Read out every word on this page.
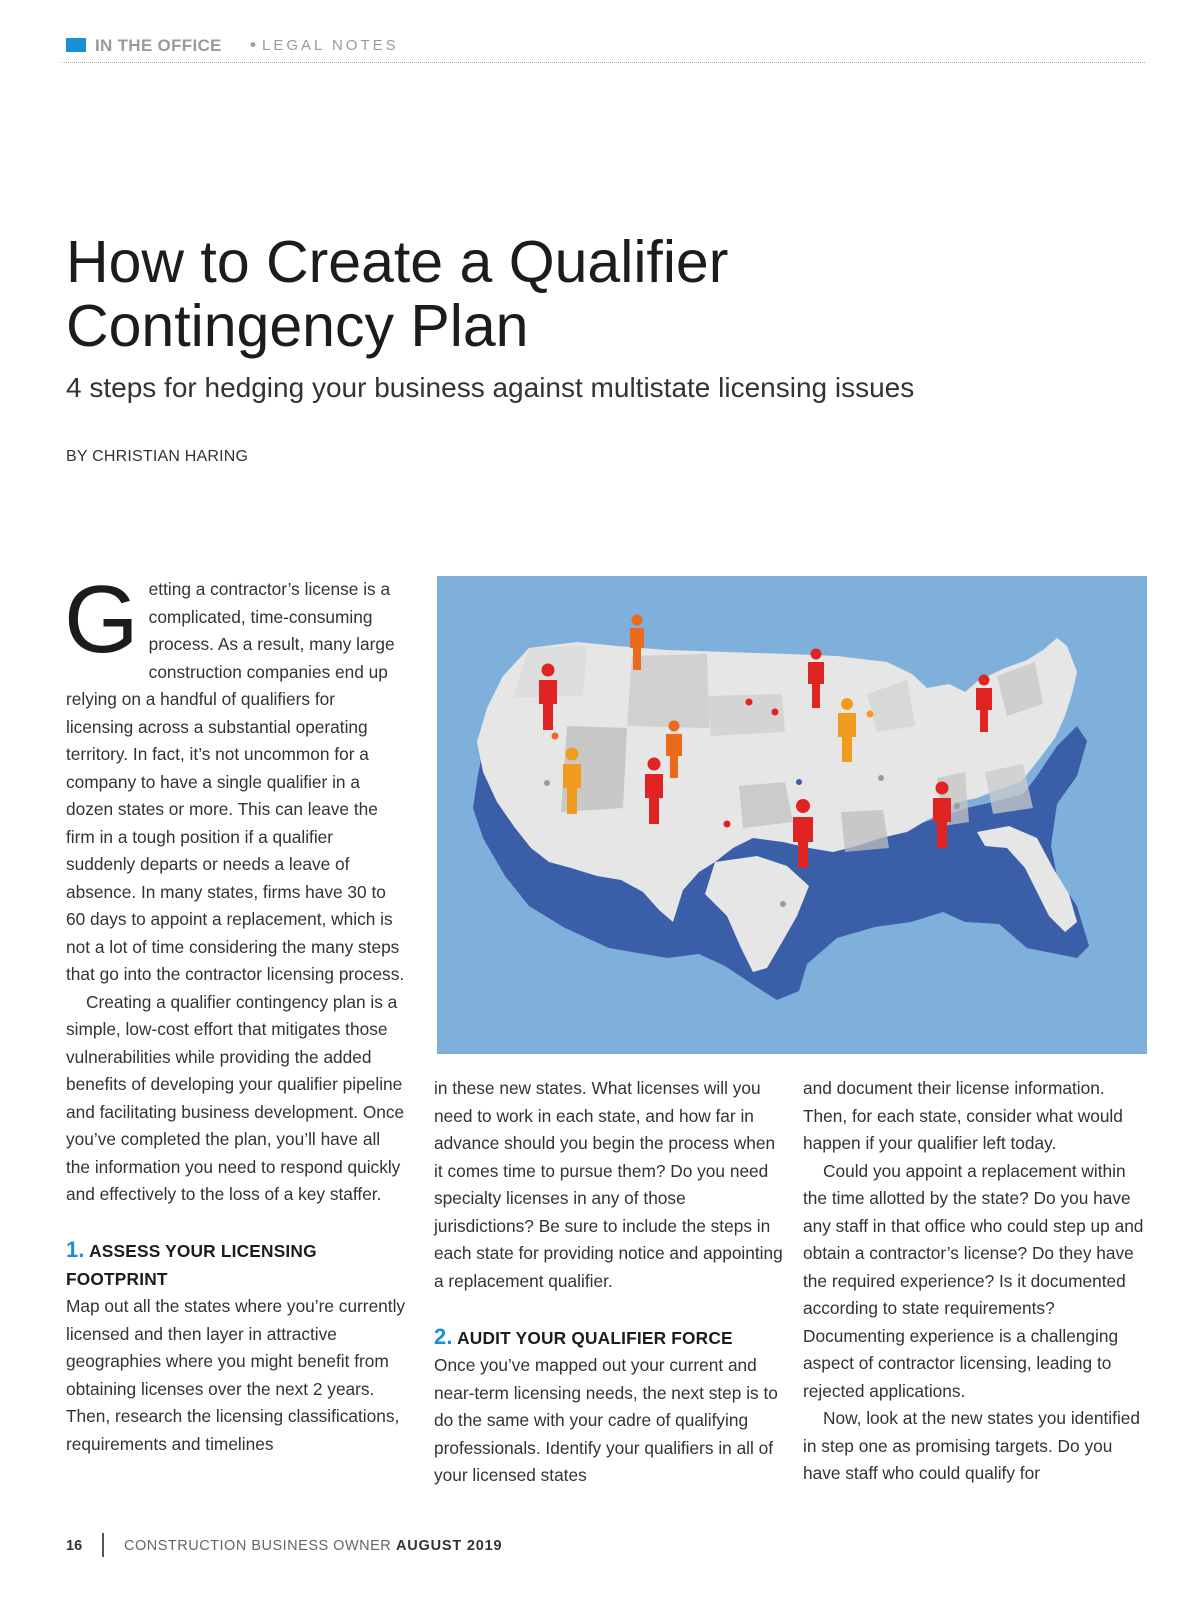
IN THE OFFICE • LEGAL NOTES
How to Create a Qualifier
Contingency Plan
4 steps for hedging your business against multistate licensing issues
BY CHRISTIAN HARING

Getting a contractor’s license is a complicated, time-consuming process. As a result, many large construction companies end up relying on a handful of qualifiers for licensing across a substantial operating territory. In fact, it’s not uncommon for a company to have a single qualifier in a dozen states or more. This can leave the firm in a tough position if a qualifier suddenly departs or needs a leave of absence. In many states, firms have 30 to 60 days to appoint a replacement, which is not a lot of time considering the many steps that go into the contractor licensing process.

Creating a qualifier contingency plan is a simple, low-cost effort that mitigates those vulnerabilities while providing the added benefits of developing your qualifier pipeline and facilitating business development. Once you’ve completed the plan, you’ll have all the information you need to respond quickly and effectively to the loss of a key staffer.

1. ASSESS YOUR LICENSING FOOTPRINT

Map out all the states where you’re currently licensed and then layer in attractive geographies where you might benefit from obtaining licenses over the next 2 years. Then, research the licensing classifications, requirements and timelines

in these new states. What licenses will you need to work in each state, and how far in advance should you begin the process when it comes time to pursue them? Do you need specialty licenses in any of those jurisdictions? Be sure to include the steps in each state for providing notice and appointing a replacement qualifier.

2. AUDIT YOUR QUALIFIER FORCE

Once you’ve mapped out your current and near-term licensing needs, the next step is to do the same with your cadre of qualifying professionals. Identify your qualifiers in all of your licensed states

and document their license information. Then, for each state, consider what would happen if your qualifier left today.

Could you appoint a replacement within the time allotted by the state? Do you have any staff in that office who could step up and obtain a contractor’s license? Do they have the required experience? Is it documented according to state requirements? Documenting experience is a challenging aspect of contractor licensing, leading to rejected applications.

Now, look at the new states you identified in step one as promising targets. Do you have staff who could qualify for

16	CONSTRUCTION BUSINESS OWNER AUGUST 2019
